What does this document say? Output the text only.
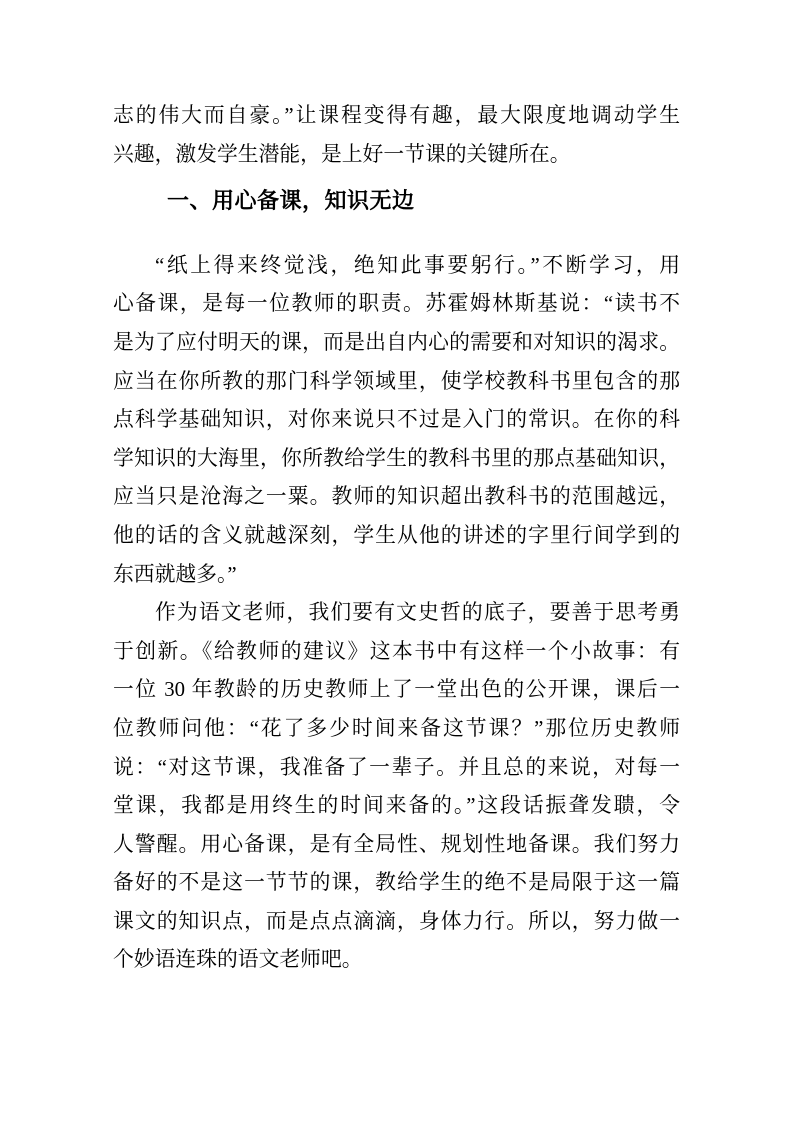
志的伟大而自豪。”让课程变得有趣，最大限度地调动学生
兴趣，激发学生潜能，是上好一节课的关键所在。
一、用心备课，知识无边
“纸上得来终觉浅，绝知此事要躬行。”不断学习，用
心备课，是每一位教师的职责。苏霍姆林斯基说：“读书不
是为了应付明天的课，而是出自内心的需要和对知识的渴求。
应当在你所教的那门科学领域里，使学校教科书里包含的那
点科学基础知识，对你来说只不过是入门的常识。在你的科
学知识的大海里，你所教给学生的教科书里的那点基础知识，
应当只是沧海之一粟。教师的知识超出教科书的范围越远，
他的话的含义就越深刻，学生从他的讲述的字里行间学到的
东西就越多。”
作为语文老师，我们要有文史哲的底子，要善于思考勇
于创新。《给教师的建议》这本书中有这样一个小故事：有
一位 30 年教龄的历史教师上了一堂出色的公开课，课后一
位教师问他：“花了多少时间来备这节课？”那位历史教师
说：“对这节课，我准备了一辈子。并且总的来说，对每一
堂课，我都是用终生的时间来备的。”这段话振聋发聩，令
人警醒。用心备课，是有全局性、规划性地备课。我们努力
备好的不是这一节节的课，教给学生的绝不是局限于这一篇
课文的知识点，而是点点滴滴，身体力行。所以，努力做一
个妙语连珠的语文老师吧。
